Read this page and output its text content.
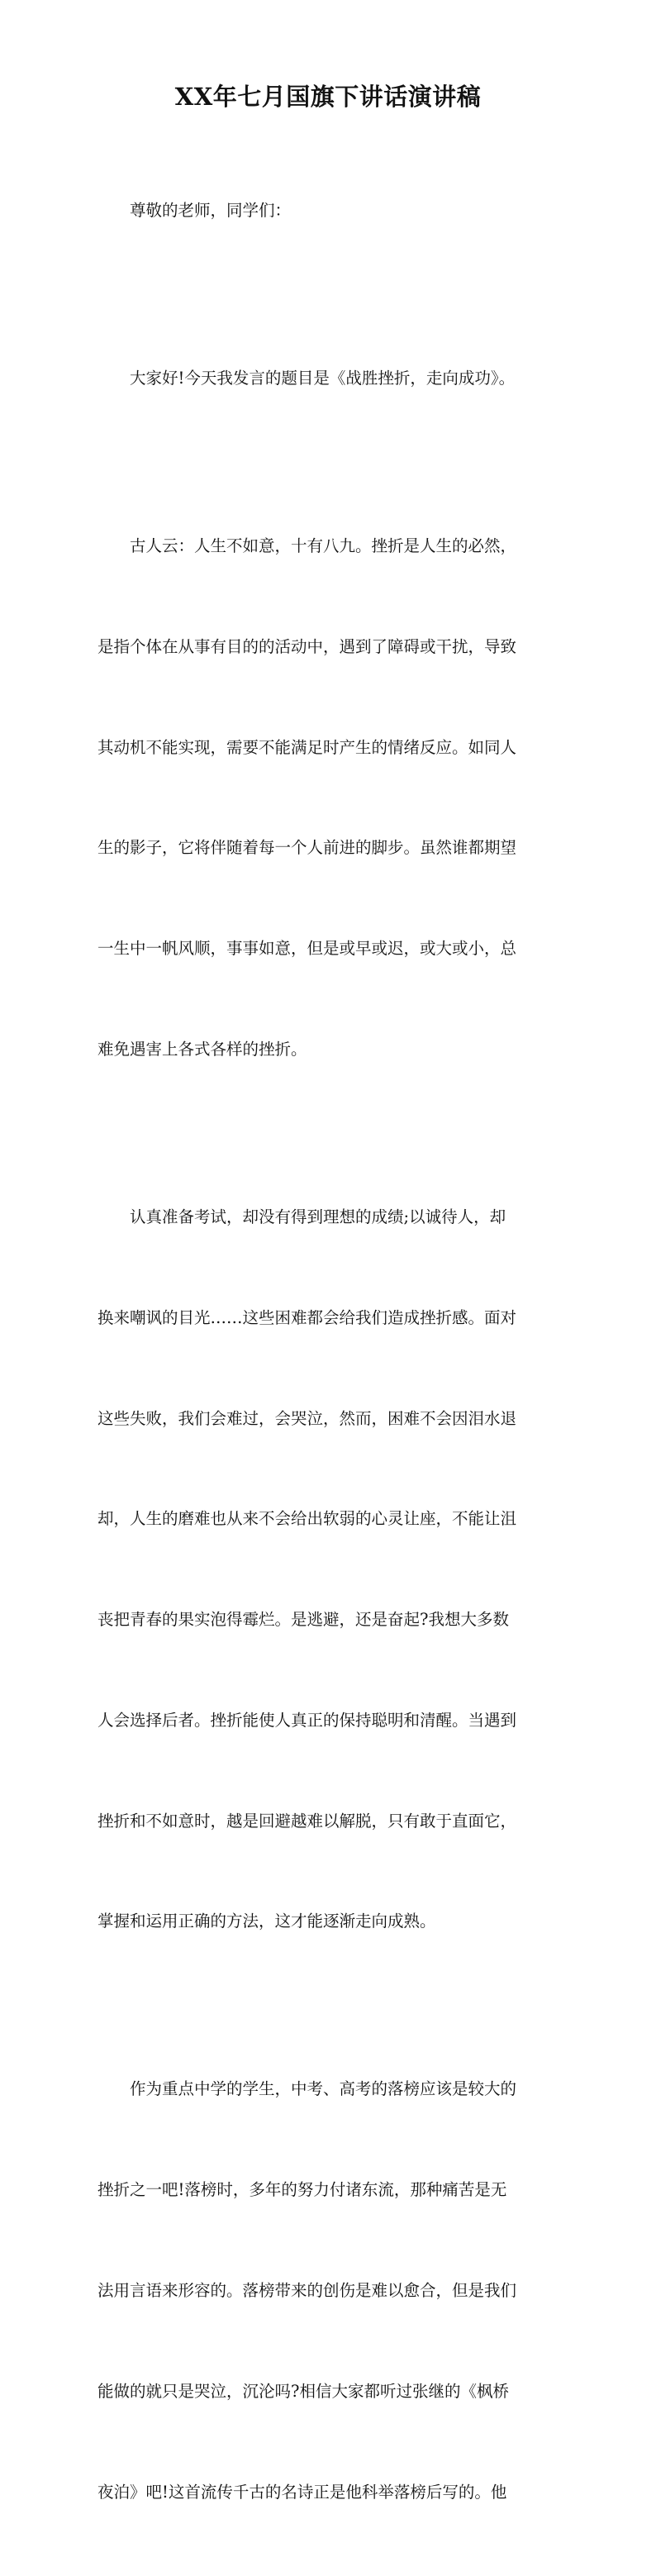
XX年七月国旗下讲话演讲稿

尊敬的老师，同学们：

大家好!今天我发言的题目是《战胜挫折，走向成功》。

古人云：人生不如意，十有八九。挫折是人生的必然，

是指个体在从事有目的的活动中，遇到了障碍或干扰，导致

其动机不能实现，需要不能满足时产生的情绪反应。如同人

生的影子，它将伴随着每一个人前进的脚步。虽然谁都期望

一生中一帆风顺，事事如意，但是或早或迟，或大或小，总

难免遇害上各式各样的挫折。

认真准备考试，却没有得到理想的成绩;以诚待人，却

换来嘲讽的目光……这些困难都会给我们造成挫折感。面对

这些失败，我们会难过，会哭泣，然而，困难不会因泪水退

却，人生的磨难也从来不会给出软弱的心灵让座，不能让沮

丧把青春的果实泡得霉烂。是逃避，还是奋起?我想大多数

人会选择后者。挫折能使人真正的保持聪明和清醒。当遇到

挫折和不如意时，越是回避越难以解脱，只有敢于直面它，

掌握和运用正确的方法，这才能逐渐走向成熟。

作为重点中学的学生，中考、高考的落榜应该是较大的

挫折之一吧!落榜时，多年的努力付诸东流，那种痛苦是无

法用言语来形容的。落榜带来的创伤是难以愈合，但是我们

能做的就只是哭泣，沉沦吗?相信大家都听过张继的《枫桥

夜泊》吧!这首流传千古的名诗正是他科举落榜后写的。他
